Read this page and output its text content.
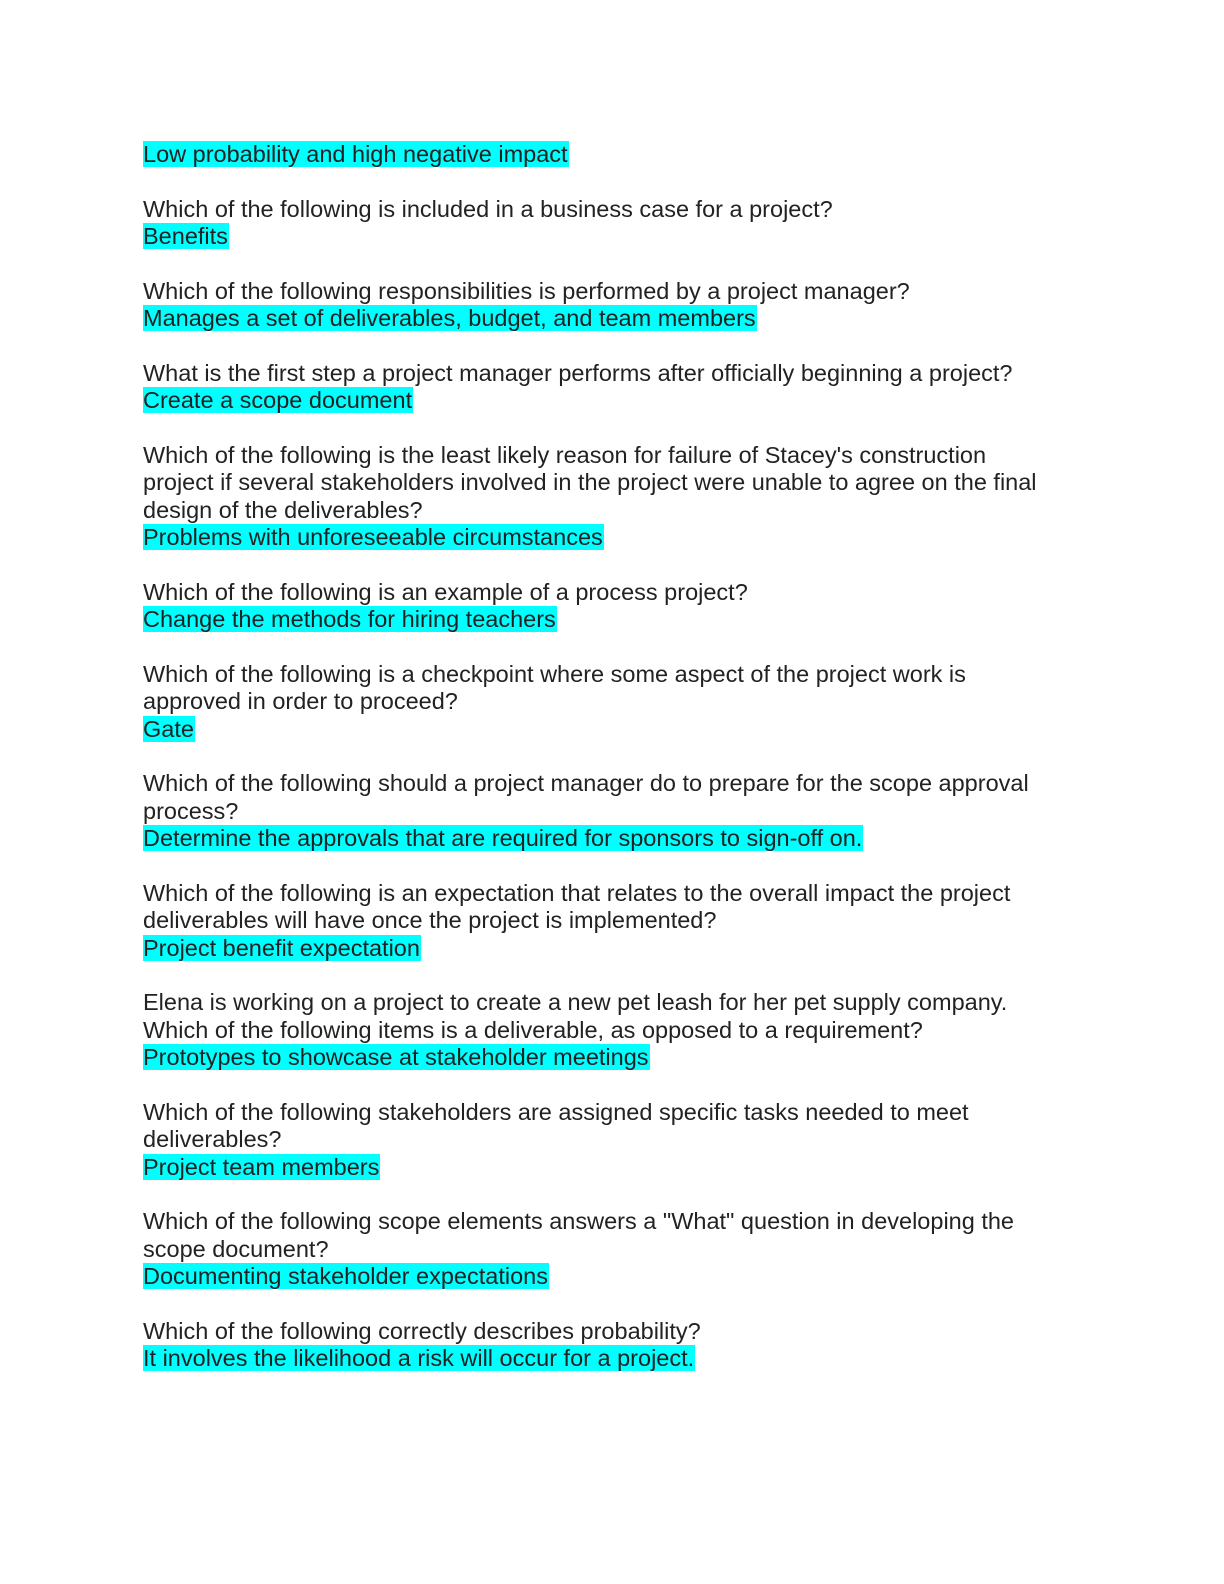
Low probability and high negative impact
Which of the following is included in a business case for a project?
Benefits
Which of the following responsibilities is performed by a project manager?
Manages a set of deliverables, budget, and team members
What is the first step a project manager performs after officially beginning a project?
Create a scope document
Which of the following is the least likely reason for failure of Stacey's construction project if several stakeholders involved in the project were unable to agree on the final design of the deliverables?
Problems with unforeseeable circumstances
Which of the following is an example of a process project?
Change the methods for hiring teachers
Which of the following is a checkpoint where some aspect of the project work is approved in order to proceed?
Gate
Which of the following should a project manager do to prepare for the scope approval process?
Determine the approvals that are required for sponsors to sign-off on.
Which of the following is an expectation that relates to the overall impact the project deliverables will have once the project is implemented?
Project benefit expectation
Elena is working on a project to create a new pet leash for her pet supply company. Which of the following items is a deliverable, as opposed to a requirement?
Prototypes to showcase at stakeholder meetings
Which of the following stakeholders are assigned specific tasks needed to meet deliverables?
Project team members
Which of the following scope elements answers a "What" question in developing the scope document?
Documenting stakeholder expectations
Which of the following correctly describes probability?
It involves the likelihood a risk will occur for a project.
